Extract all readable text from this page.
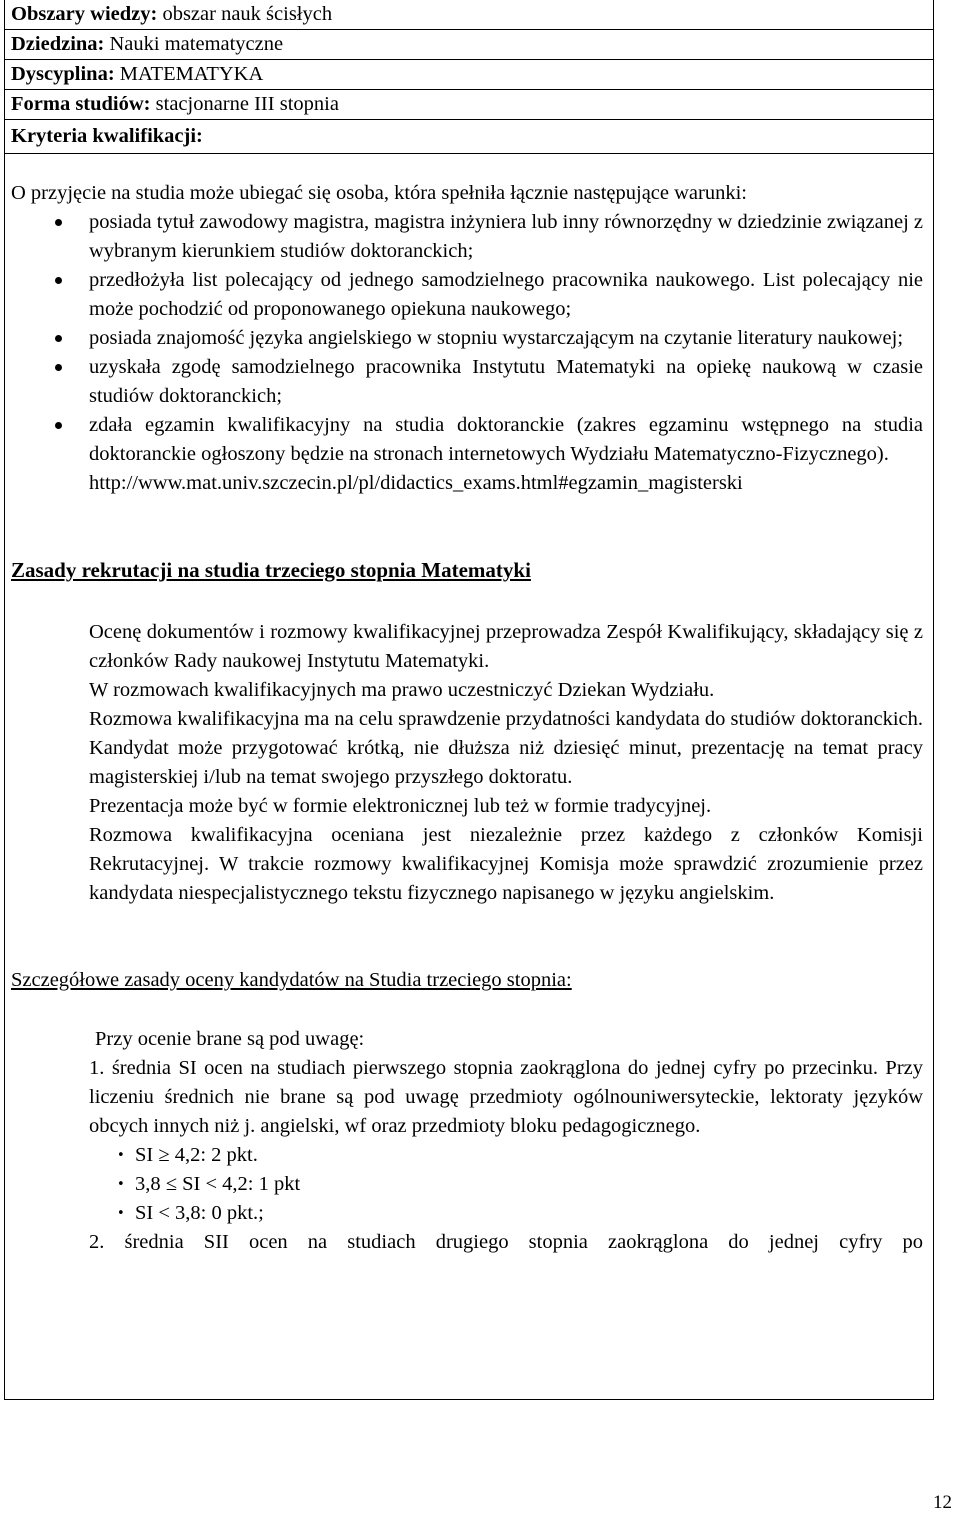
Obszary wiedzy: obszar nauk ścisłych
Dziedzina: Nauki matematyczne
Dyscyplina: MATEMATYKA
Forma studiów: stacjonarne III stopnia
Kryteria kwalifikacji:
O przyjęcie na studia może ubiegać się osoba, która spełniła łącznie następujące warunki:
posiada tytuł zawodowy magistra, magistra inżyniera lub inny równorzędny w dziedzinie związanej z wybranym kierunkiem studiów doktoranckich;
przedłożyła list polecający od jednego samodzielnego pracownika naukowego. List polecający nie może pochodzić od proponowanego opiekuna naukowego;
posiada znajomość języka angielskiego w stopniu wystarczającym na czytanie literatury naukowej;
uzyskała zgodę samodzielnego pracownika Instytutu Matematyki na opiekę naukową w czasie studiów doktoranckich;
zdała egzamin kwalifikacyjny na studia doktoranckie (zakres egzaminu wstępnego na studia doktoranckie ogłoszony będzie na stronach internetowych Wydziału Matematyczno-Fizycznego).
http://www.mat.univ.szczecin.pl/pl/didactics_exams.html#egzamin_magisterski
Zasady rekrutacji na studia trzeciego stopnia Matematyki
Ocenę dokumentów i rozmowy kwalifikacyjnej przeprowadza Zespół Kwalifikujący, składający się z członków Rady naukowej Instytutu Matematyki.
W rozmowach kwalifikacyjnych ma prawo uczestniczyć Dziekan Wydziału.
Rozmowa kwalifikacyjna ma na celu sprawdzenie przydatności kandydata do studiów doktoranckich. Kandydat może przygotować krótką, nie dłuższa niż dziesięć minut, prezentację na temat pracy magisterskiej i/lub na temat swojego przyszłego doktoratu.
Prezentacja może być w formie elektronicznej lub też w formie tradycyjnej.
Rozmowa kwalifikacyjna oceniana jest niezależnie przez każdego z członków Komisji Rekrutacyjnej. W trakcie rozmowy kwalifikacyjnej Komisja może sprawdzić zrozumienie przez kandydata niespecjalistycznego tekstu fizycznego napisanego w języku angielskim.
Szczegółowe zasady oceny kandydatów na Studia trzeciego stopnia:
Przy ocenie brane są pod uwagę:
1. średnia SI ocen na studiach pierwszego stopnia zaokrąglona do jednej cyfry po przecinku. Przy liczeniu średnich nie brane są pod uwagę przedmioty ogólnouniwersyteckie, lektoraty języków obcych innych niż j. angielski, wf oraz przedmioty bloku pedagogicznego.
• SI ≥ 4,2: 2 pkt.
• 3,8 ≤ SI < 4,2: 1 pkt
• SI < 3,8: 0 pkt.;
2. średnia SII ocen na studiach drugiego stopnia zaokrąglona do jednej cyfry po
12
